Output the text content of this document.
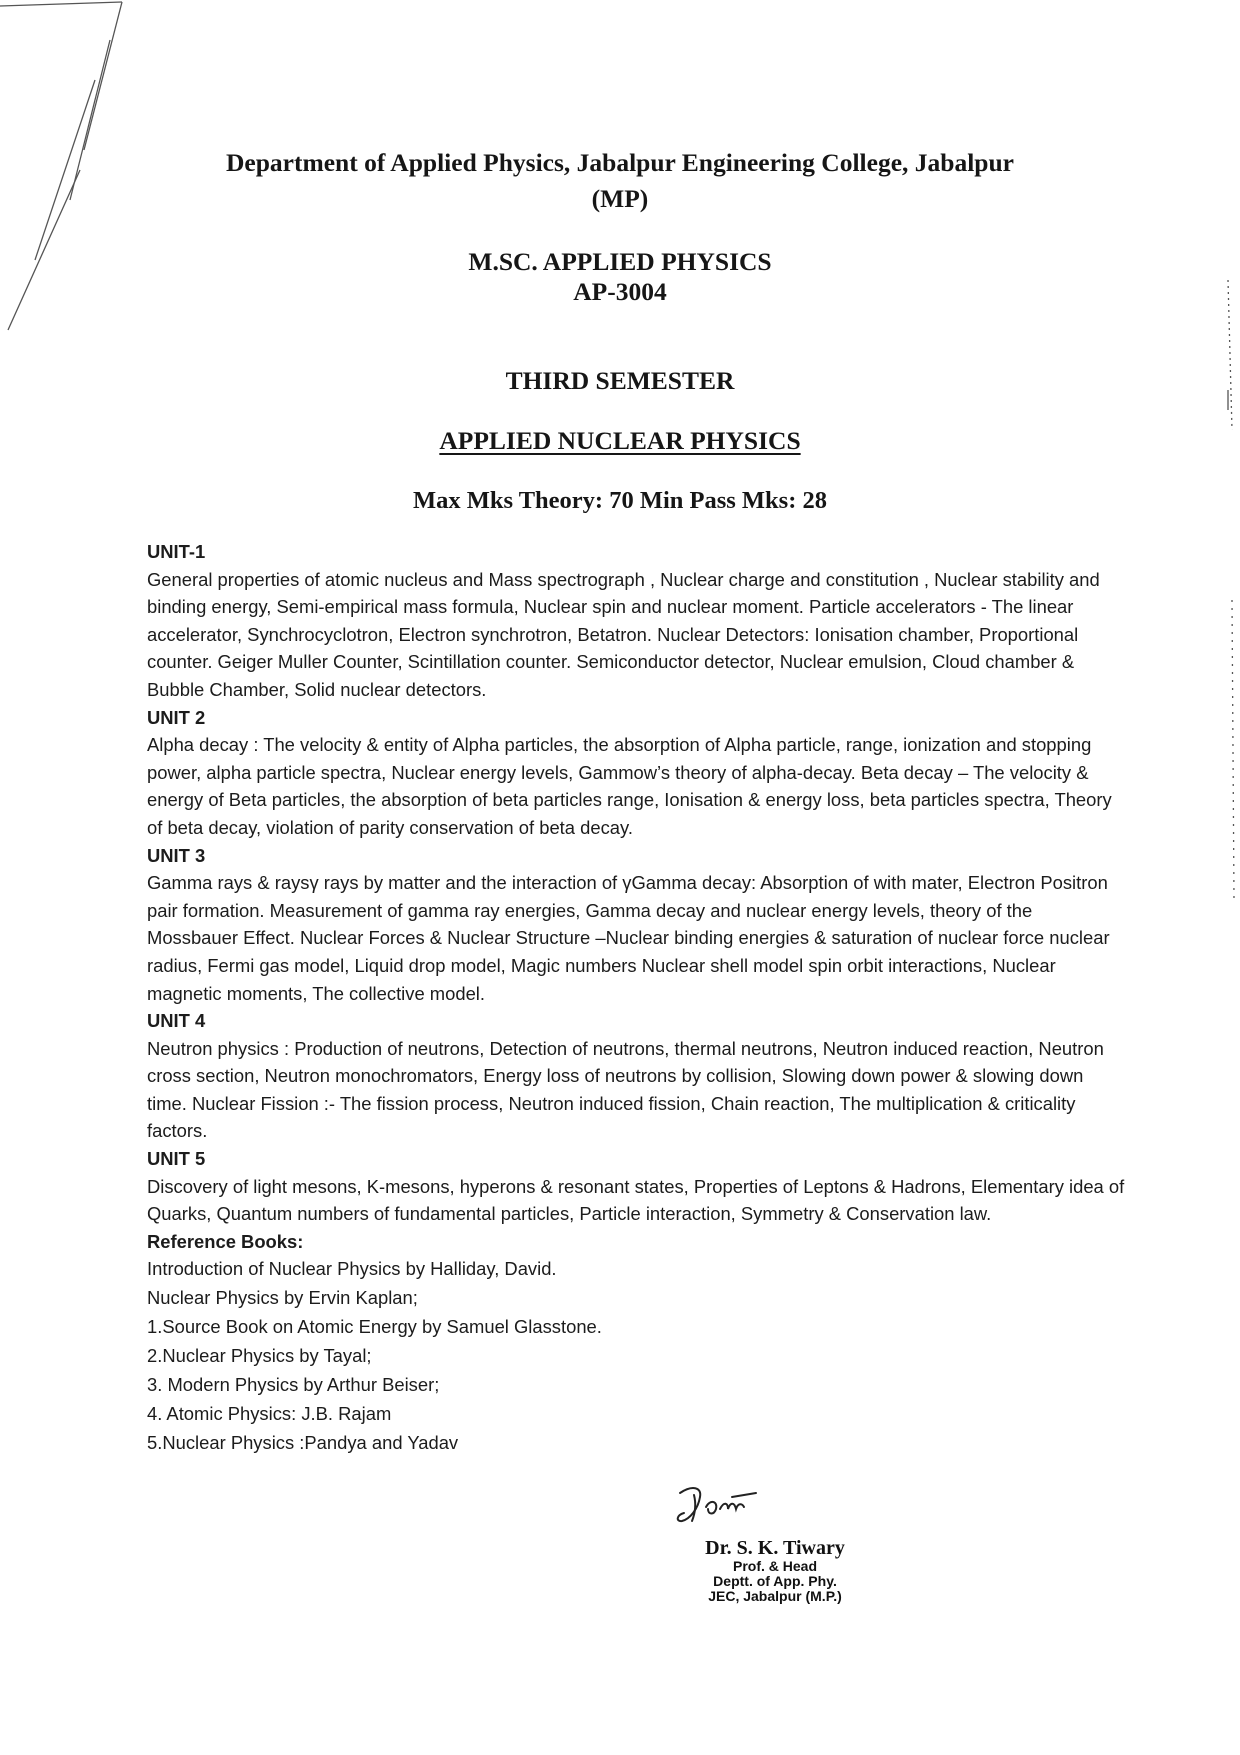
Department of Applied Physics, Jabalpur Engineering College, Jabalpur
(MP)
M.SC. APPLIED PHYSICS
AP-3004
THIRD SEMESTER
APPLIED NUCLEAR PHYSICS
Max Mks Theory: 70 Min Pass Mks: 28
UNIT-1

General properties of atomic nucleus and Mass spectrograph , Nuclear charge and constitution , Nuclear stability and binding energy, Semi-empirical mass formula, Nuclear spin and nuclear moment. Particle accelerators - The linear accelerator, Synchrocyclotron, Electron synchrotron, Betatron. Nuclear Detectors: Ionisation chamber, Proportional counter. Geiger Muller Counter, Scintillation counter. Semiconductor detector, Nuclear emulsion, Cloud chamber & Bubble Chamber, Solid nuclear detectors.

UNIT 2

Alpha decay : The velocity & entity of Alpha particles, the absorption of Alpha particle, range, ionization and stopping power, alpha particle spectra, Nuclear energy levels, Gammow’s theory of alpha-decay. Beta decay – The velocity & energy of Beta particles, the absorption of beta particles range, Ionisation & energy loss, beta particles spectra, Theory of beta decay, violation of parity conservation of beta decay.

UNIT 3

Gamma rays & raysγ rays by matter and the interaction of γGamma decay: Absorption of with mater, Electron Positron pair formation. Measurement of gamma ray energies, Gamma decay and nuclear energy levels, theory of the Mossbauer Effect. Nuclear Forces & Nuclear Structure –Nuclear binding energies & saturation of nuclear force nuclear radius, Fermi gas model, Liquid drop model, Magic numbers Nuclear shell model spin orbit interactions, Nuclear magnetic moments, The collective model.

UNIT 4

Neutron physics : Production of neutrons, Detection of neutrons, thermal neutrons, Neutron induced reaction, Neutron cross section, Neutron monochromators, Energy loss of neutrons by collision, Slowing down power & slowing down time. Nuclear Fission :- The fission process, Neutron induced fission, Chain reaction, The multiplication & criticality factors.

UNIT 5

Discovery of light mesons, K-mesons, hyperons & resonant states, Properties of Leptons & Hadrons, Elementary idea of Quarks, Quantum numbers of fundamental particles, Particle interaction, Symmetry & Conservation law.

Reference Books:
Introduction of Nuclear Physics by Halliday, David.
Nuclear Physics by Ervin Kaplan;
1.Source Book on Atomic Energy by Samuel Glasstone.
2.Nuclear Physics by Tayal;
3. Modern Physics by Arthur Beiser;
4. Atomic Physics: J.B. Rajam
5.Nuclear Physics :Pandya and Yadav
Dr. S. K. Tiwary
Prof. & Head
Deptt. of App. Phy.
JEC, Jabalpur (M.P.)
